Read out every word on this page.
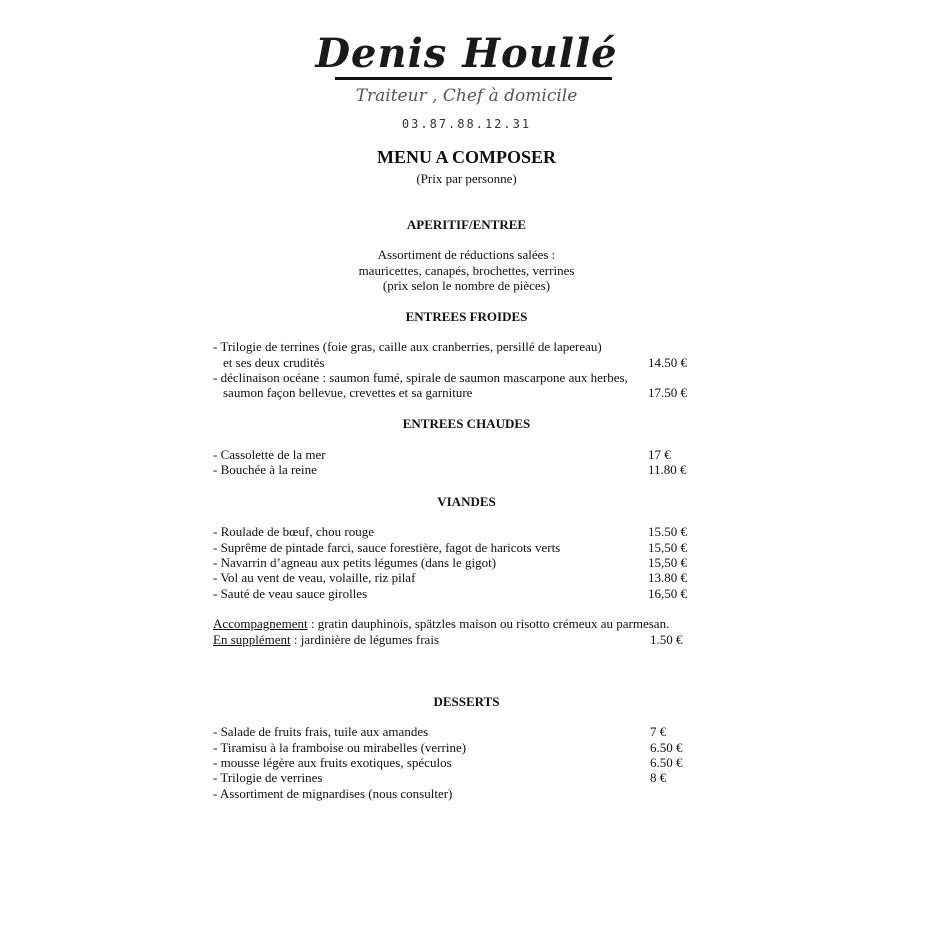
Denis Houllé
Traiteur , Chef à domicile
03.87.88.12.31
MENU A COMPOSER
(Prix par personne)
APERITIF/ENTREE
Assortiment de réductions salées :
mauricettes, canapés, brochettes, verrines
(prix selon le nombre de pièces)
ENTREES FROIDES
- Trilogie de terrines (foie gras, caille aux cranberries, persillé de lapereau)
et ses deux crudités	14.50 €
- déclinaison océane : saumon fumé, spirale de saumon mascarpone aux herbes,
saumon façon bellevue, crevettes et sa garniture	17.50 €
ENTREES CHAUDES
- Cassolette de la mer	17 €
- Bouchée à la reine	11.80 €
VIANDES
- Roulade de bœuf, chou rouge	15.50 €
- Suprême de pintade farci, sauce forestière, fagot de haricots verts	15,50 €
- Navarrin d’agneau aux petits légumes (dans le gigot)	15,50 €
- Vol au vent de veau, volaille, riz pilaf	13.80 €
- Sauté de veau sauce girolles	16,50 €
Accompagnement : gratin dauphinois, spätzles maison ou risotto crémeux au parmesan.
En supplément : jardinière de légumes frais	1.50 €
DESSERTS
- Salade de fruits frais, tuile aux amandes	7 €
- Tiramisu à la framboise ou mirabelles (verrine)	6.50 €
- mousse légère aux fruits exotiques, spéculos	6.50 €
- Trilogie de verrines	8 €
- Assortiment de mignardises (nous consulter)
